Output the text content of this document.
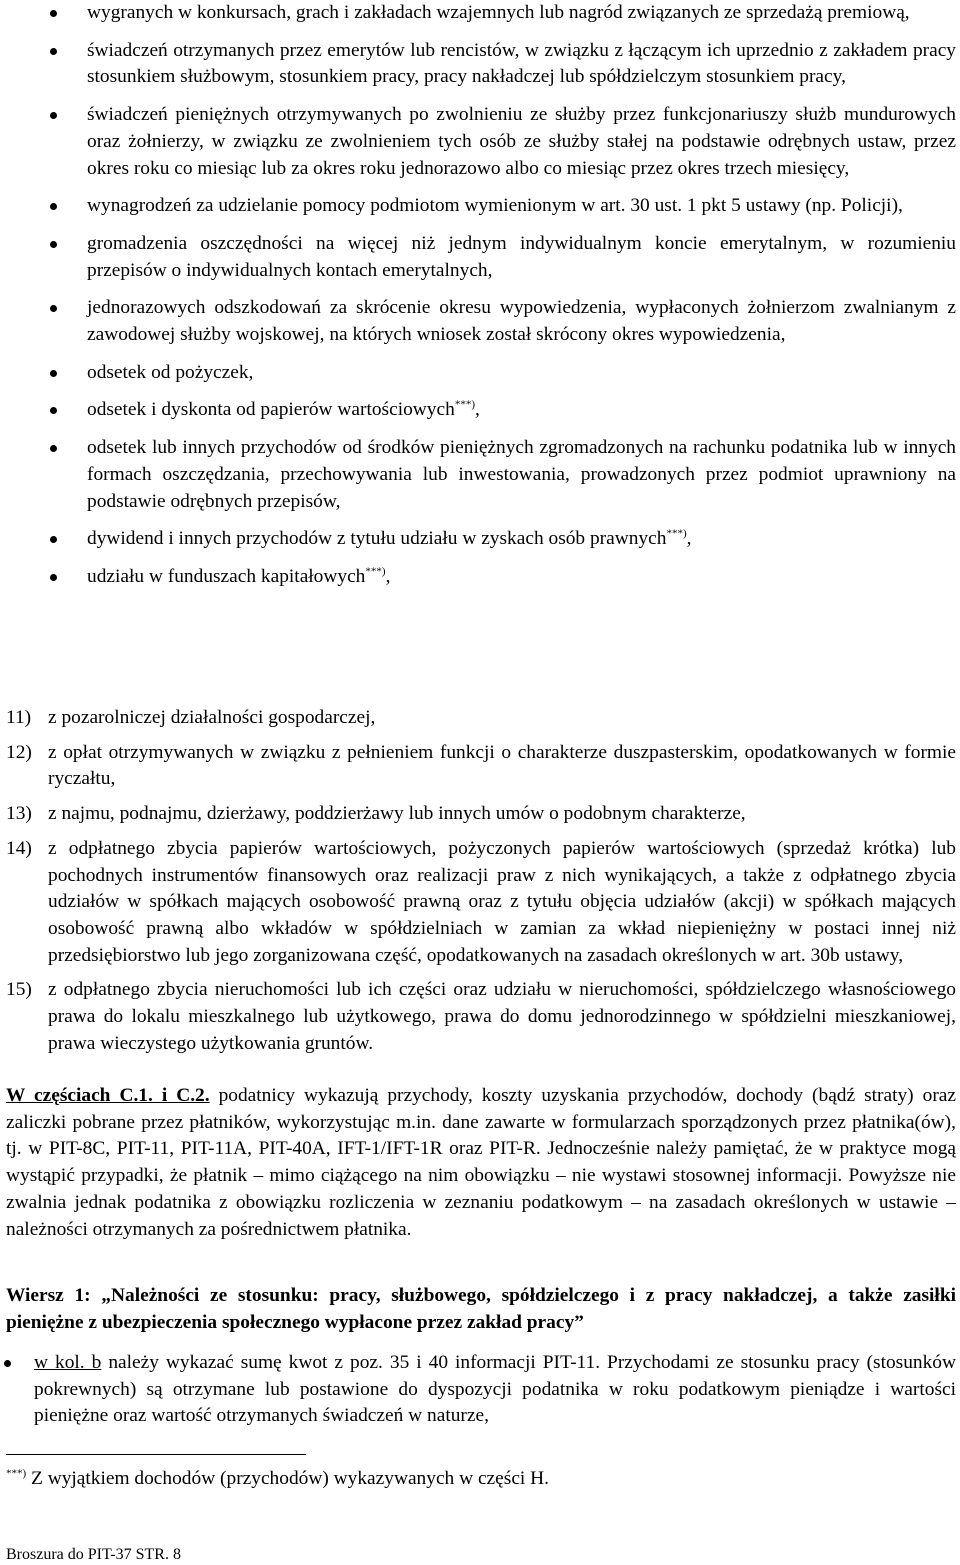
wygranych w konkursach, grach i zakładach wzajemnych lub nagród związanych ze sprzedażą premiową,
świadczeń otrzymanych przez emerytów lub rencistów, w związku z łączącym ich uprzednio z zakładem pracy stosunkiem służbowym, stosunkiem pracy, pracy nakładczej lub spółdzielczym stosunkiem pracy,
świadczeń pieniężnych otrzymywanych po zwolnieniu ze służby przez funkcjonariuszy służb mundurowych oraz żołnierzy, w związku ze zwolnieniem tych osób ze służby stałej na podstawie odrębnych ustaw, przez okres roku co miesiąc lub za okres roku jednorazowo albo co miesiąc przez okres trzech miesięcy,
wynagrodzeń za udzielanie pomocy podmiotom wymienionym w art. 30 ust. 1 pkt 5 ustawy (np. Policji),
gromadzenia oszczędności na więcej niż jednym indywidualnym koncie emerytalnym, w rozumieniu przepisów o indywidualnych kontach emerytalnych,
jednorazowych odszkodowań za skrócenie okresu wypowiedzenia, wypłaconych żołnierzom zwalnianym z zawodowej służby wojskowej, na których wniosek został skrócony okres wypowiedzenia,
odsetek od pożyczek,
odsetek i dyskonta od papierów wartościowych***),
odsetek lub innych przychodów od środków pieniężnych zgromadzonych na rachunku podatnika lub w innych formach oszczędzania, przechowywania lub inwestowania, prowadzonych przez podmiot uprawniony na podstawie odrębnych przepisów,
dywidend i innych przychodów z tytułu udziału w zyskach osób prawnych***),
udziału w funduszach kapitałowych***),
11) z pozarolniczej działalności gospodarczej,
12) z opłat otrzymywanych w związku z pełnieniem funkcji o charakterze duszpasterskim, opodatkowanych w formie ryczałtu,
13) z najmu, podnajmu, dzierżawy, poddzierżawy lub innych umów o podobnym charakterze,
14) z odpłatnego zbycia papierów wartościowych, pożyczonych papierów wartościowych (sprzedaż krótka) lub pochodnych instrumentów finansowych oraz realizacji praw z nich wynikających, a także z odpłatnego zbycia udziałów w spółkach mających osobowość prawną oraz z tytułu objęcia udziałów (akcji) w spółkach mających osobowość prawną albo wkładów w spółdzielniach w zamian za wkład niepieniężny w postaci innej niż przedsiębiorstwo lub jego zorganizowana część, opodatkowanych na zasadach określonych w art. 30b ustawy,
15) z odpłatnego zbycia nieruchomości lub ich części oraz udziału w nieruchomości, spółdzielczego własnościowego prawa do lokalu mieszkalnego lub użytkowego, prawa do domu jednorodzinnego w spółdzielni mieszkaniowej, prawa wieczystego użytkowania gruntów.

W częściach C.1. i C.2. podatnicy wykazują przychody, koszty uzyskania przychodów, dochody (bądź straty) oraz zaliczki pobrane przez płatników, wykorzystując m.in. dane zawarte w formularzach sporządzonych przez płatnika(ów), tj. w PIT-8C, PIT-11, PIT-11A, PIT-40A, IFT-1/IFT-1R oraz PIT-R. Jednocześnie należy pamiętać, że w praktyce mogą wystąpić przypadki, że płatnik – mimo ciążącego na nim obowiązku – nie wystawi stosownej informacji. Powyższe nie zwalnia jednak podatnika z obowiązku rozliczenia w zeznaniu podatkowym – na zasadach określonych w ustawie – należności otrzymanych za pośrednictwem płatnika.

Wiersz 1: „Należności ze stosunku: pracy, służbowego, spółdzielczego i z pracy nakładczej, a także zasiłki pieniężne z ubezpieczenia społecznego wypłacone przez zakład pracy”

w kol. b należy wykazać sumę kwot z poz. 35 i 40 informacji PIT-11. Przychodami ze stosunku pracy (stosunków pokrewnych) są otrzymane lub postawione do dyspozycji podatnika w roku podatkowym pieniądze i wartości pieniężne oraz wartość otrzymanych świadczeń w naturze,
***) Z wyjątkiem dochodów (przychodów) wykazywanych w części H.
Broszura do PIT-37 STR. 8
